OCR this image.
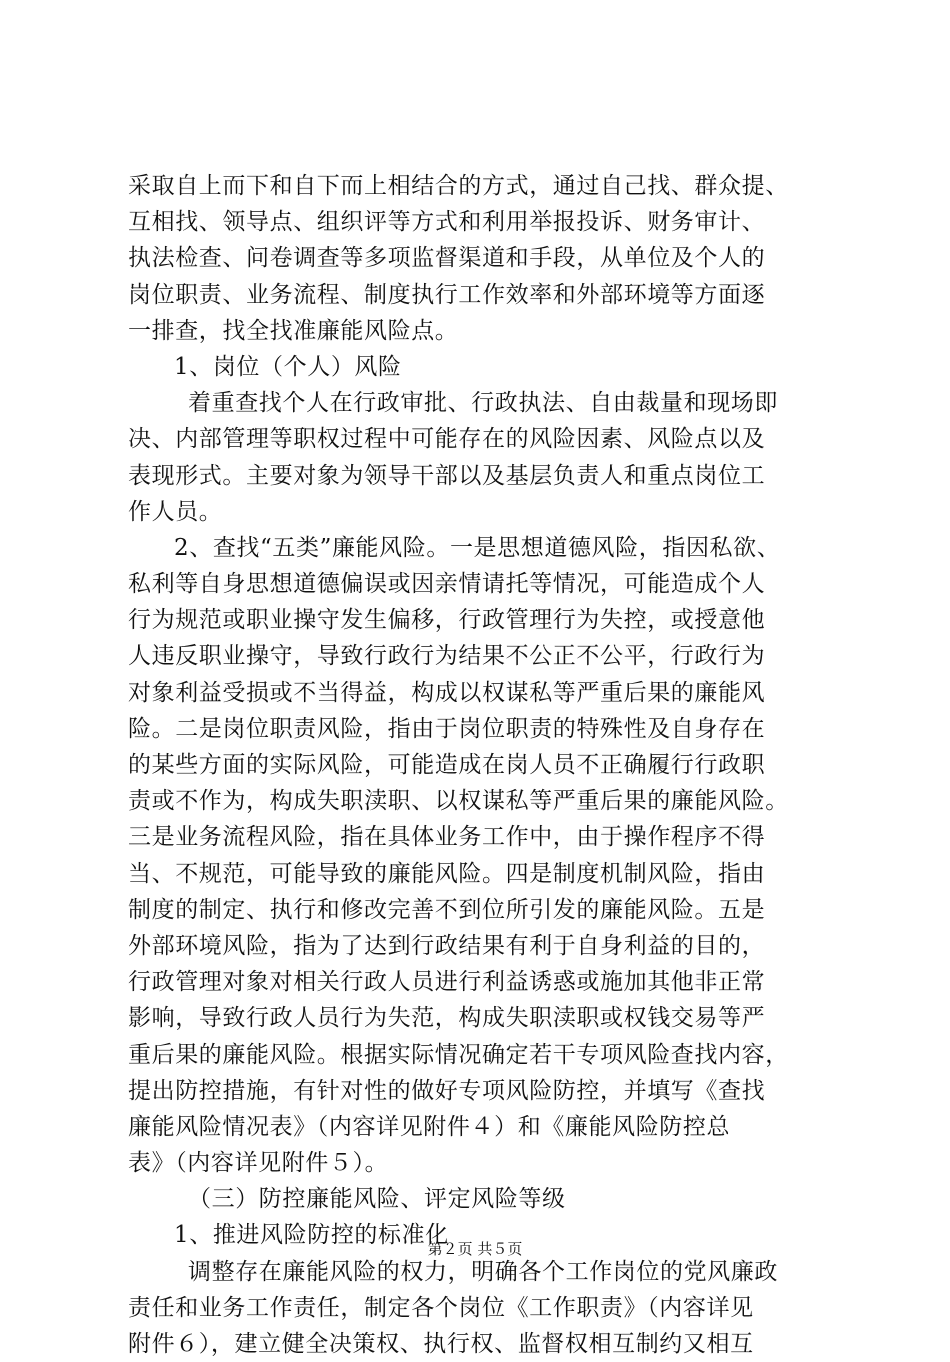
采取自上而下和自下而上相结合的方式，通过自己找、群众提、
互相找、领导点、组织评等方式和利用举报投诉、财务审计、
执法检查、问卷调查等多项监督渠道和手段，从单位及个人的
岗位职责、业务流程、制度执行工作效率和外部环境等方面逐
一排查，找全找准廉能风险点。
1、岗位（个人）风险
着重查找个人在行政审批、行政执法、自由裁量和现场即
决、内部管理等职权过程中可能存在的风险因素、风险点以及
表现形式。主要对象为领导干部以及基层负责人和重点岗位工
作人员。
2、查找“五类”廉能风险。一是思想道德风险，指因私欲、
私利等自身思想道德偏误或因亲情请托等情况，可能造成个人
行为规范或职业操守发生偏移，行政管理行为失控，或授意他
人违反职业操守，导致行政行为结果不公正不公平，行政行为
对象利益受损或不当得益，构成以权谋私等严重后果的廉能风
险。二是岗位职责风险，指由于岗位职责的特殊性及自身存在
的某些方面的实际风险，可能造成在岗人员不正确履行行政职
责或不作为，构成失职渎职、以权谋私等严重后果的廉能风险。
三是业务流程风险，指在具体业务工作中，由于操作程序不得
当、不规范，可能导致的廉能风险。四是制度机制风险，指由
制度的制定、执行和修改完善不到位所引发的廉能风险。五是
外部环境风险，指为了达到行政结果有利于自身利益的目的，
行政管理对象对相关行政人员进行利益诱惑或施加其他非正常
影响，导致行政人员行为失范，构成失职渎职或权钱交易等严
重后果的廉能风险。根据实际情况确定若干专项风险查找内容，
提出防控措施，有针对性的做好专项风险防控，并填写《查找
廉能风险情况表》（内容详见附件４）和《廉能风险防控总
表》（内容详见附件５）。
（三）防控廉能风险、评定风险等级
1、推进风险防控的标准化
调整存在廉能风险的权力，明确各个工作岗位的党风廉政
责任和业务工作责任，制定各个岗位《工作职责》（内容详见
附件６），建立健全决策权、执行权、监督权相互制约又相互
第２页 共５页
